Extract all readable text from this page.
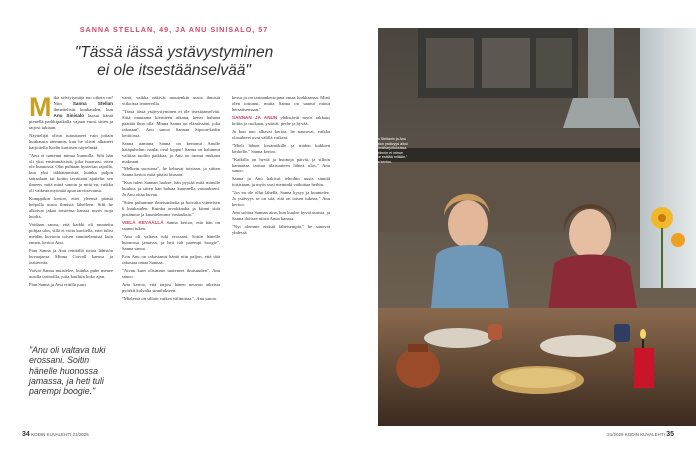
SANNA STELLAN, 49, JA ANU SINISALO, 57
"Tässä iässä ystävystyminen
ei ole itsestäänselvää"

Mikä selviytymäjä tuo oikein on? Niin Sanna Stellan ihmettelivät kuukauden, kun Anu Sinisalo kutsui häntä pienellä parkkipaikalla vajaan vuosi sitten ja tarjosi tukiaan.

Näyttelijät olivat tutustuneet vain joitain kuukausia aiemmin, kun he olivat alkaneet harjoitella Kodin kartitsen näytelmää.

"Anu ei tuntenut minua kunnolla. Silti hän oli yksi ensimmäisistä, joka huomasi, etten ole kunnossa. Olin puhtaan hysterian rajoilla, kun yksi iäkkäimmistä, kuinka paljon sairaalaan tai kotiin tavoitaan ajattelin sen ilmeen, mitä minä sanoin ja mitä en, vaikka oli vaikeaa myöntää apua tarvitsevansa.

Kumppikin kertoo, ettei yleensä päästä helpolla uusia ihmisiä lähelleen. Silti he alkoivat jakaa toistensa kanssa myös isoja huolia.

Voidaan sanoa, että kaikki oli muutettu pohjaa ulos, sillä ei voitu kuvitella, ettei tulisi meidän kuvioon toisen sinnittelemistä kuin ennen, kertoo Anu.

Pian Sanna ja Anu reittiällä tietoa lähistön kuvaajansa Minna Corvall kanssa ja teattereita.

Voivat Sanna muistelee, kuinka puhe menee uusilla tarinoilla, joita kuultiin koko ajan.

Pian Sanna ja Anu reitillä juuri

"Anu oli valtava tuki erossani. Soitin hänelle huonossa jamassa, ja heti tuli parempi boogie."

vanti, vaikka näkivät muutenkin uusia ihmisiä viikoissa teattereilla.

"Tässä iässä ystävystyminen ei ole itsestäänselvää. Siitä muutama kiertueen aikana, kenet huhuaa päättää ihon olla: Minna Sanna on elämässäni, joka rakastan", Anu sanoo Sannan Sipoon-kodin keittiössä.

Sanna aamuna Sanna on kertonut Anulle hätäpuhelun: naulat oval loppui! Sanna on halunnut valittaa tuoliin paikkaa, ja Anu on tuonut mukana makeaan.

"Melkein suosiona", he kehuvat toisiaan, ja siitten Sanna kertoo mitä pitäisi kiusata.

"Kun tulen Sannan luokse, hän pyytää mitä minulle kuuluu, ja sitten hän haluaa kuunnella vastaukseni. Ja Anu ottaa kuvan.

"Siten puhumme ilmeisunhetta ja hoivatta viimeisen 6 kuukauden. Kuinka arvokkaalta ja kiinni siitä pistämme ja kuuntelemme vastauksia."

VIELÄ KEVÄÄLLÄ Sanna kertoo, että hän on saanut tukea.

"Anu oli valtava tuki erossani. Soitin hänelle huonossa jamassa, ja heti tuli parempi boogie", Sanna sanoo.

Erin Anu on rakastanut häntä niin paljon, että tätä rakastaa omaa Sannaa.

"Aivan kuin olisimme tunteneet ikuisuuden", Anu sanoo.

Anu kertoo, että tarjosi hänen neuvon aikeista pyörkit kolvalta sinnilukseen.

"Mielessä on silloin vaikea välimittaa.", Anu sanoo.

kessa ja on tarinankertojana omaa luokkaansa. Minä olen tottunut, mutta Sanna on saanut minut hersaitsemaan."

SANNAN JA ANUN yhdistävät myös rakkaus kotiin ja ruokaan, ystävät, perhe ja hyvää.

Ja kun nuo alkavat kertoa, he nauravat, vaikka olosuhteet ovat välillä vaikeat.

"Mieli lähtee kesämökille ja niiden kukkien keskelle," Sanna kertoo.

"Kaikilla on hyviä ja huonoja päiviä, ja silloin kannattaa tarttua tilaisuuteen lähteä ulos," Anu sanoo.

Sanna ja Anu hakivat tehoihin uusia sinnitä toisistaan, ja myös uusi meininki vaikuttaa heihin.

"Jos en ole ollut lähellä, Sanna kysyy ja kuuntelee. Ja ystävyys se on sitä, että on toisen tukena," Anu kertoo.

Anu soittaa Sannan aina, kun kuulee hyviä uutisia, ja Sanna iloitsee niistä Anun kanssa.

"Nyt olemme entistä läheisempiä," he sanovat yhdessä.

34 KODIN KUVALEHTI 21/2025
Sanna Stellanin ja Anu Sinisalon ystävyys alkoi näytelmäharjoituksissa. "Kun rönnin ei minun tarvitse esittää mitään," Sanna kertoo.
21/2025 KODIN KUVALEHTI 35
